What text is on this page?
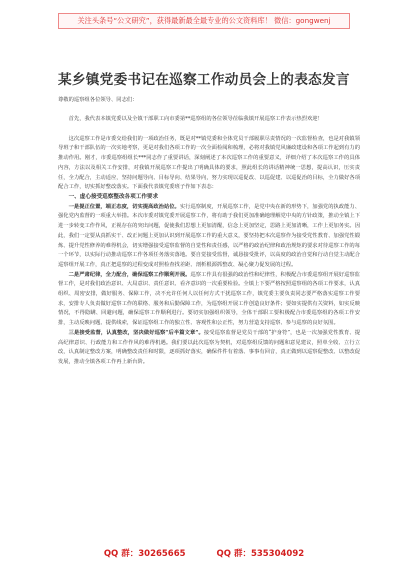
关注头条号“公文研究”，获得最新最全最专业的公文资料库！ 微信：gongwenj
某乡镇党委书记在巡察工作动员会上的表态发言

尊敬的巡察组各位领导、同志们：

首先，我代表本镇党委以及全镇干部职工向市委第**巡察组的各位领导莅临我镇开展巡察工作表示热烈欢迎！

这次巡察工作是市委交给我们的一项政治任务，既是对**镇党委和全体党员干部履职尽责情况的一次监督检查，也是对我镇领导班子和干部队伍的一次实地考察，更是对我们各项工作的一次全面检阅和梳理，必将对我镇党风廉政建设和各项工作起到有力的推动作用。刚才，市委巡察组组长***同志作了重要讲话，深刻阐述了本次巡察工作的重要意义，详细介绍了本次巡察工作的具体内容，方法以及相关工作安排，对我镇开展巡察工作提出了明确具体的要求，照此组长的讲话精神统一思想，提高认识，压实责任，全力配合，主动适应，坚持问题导向、目标导向、结果导向，努力实现以巡促改、以巡促建、以巡促治的目标，全力做好各项配合工作，切实抓好整改落实。下面我代表镇党委班子作如下表态：

一、虚心接受巡察整改各项工作要求

一是提正位置，端正态度，切实提高政治站位。实行巡察制度，开展巡察工作，是党中央在新的形势下，加强党的执政能力、强化党内监督的一项重大举措。本次市委对镇党委开展巡察工作，将有助于我们更加准确地理解党中央的方针政策，推动全镇上下进一步转变工作作风，正视存在的突出问题，促使我们思想上更加清醒，信念上更加坚定，思路上更加清晰，工作上更加务实。因此，我们一定要从真抓实干、改正问题上更加认识到开展巡察工作的重大意义，要坚持把本次巡察作为接受党性教育、加强党性锻炼、提升党性修养的难得机会，切实增强接受巡察监督的自觉性和责任感，以严格的政治纪律和政治规矩的要求对待巡察工作的每一个环节，以实际行动推动巡察工作各项任务落实落地。要自觉接受监督，诚恳接受批评，以高度的政治自觉和行动自觉主动配合巡察组开展工作，真正把巡察的过程变成对照检查找差距、剖析根源抓整改、凝心聚力促发展的过程。

二是严肃纪律，全力配合，确保巡察工作顺利开展。巡察工作具有很强的政治性和纪律性，积极配合市委巡察组开展好巡察监督工作，是对我们政治意识、大局意识、责任意识、看齐意识的一次重要检验。全镇上下要严格按照巡察组的各项工作要求，认真组织、周密安排，做好服务、保障工作，决不允许任何人以任何方式干扰巡察工作，镇党委主要负责同志要严格落实巡察工作要求，安排专人负责做好巡察工作的联络、服务和后勤保障工作，为巡察组开展工作创造良好条件；要如实提供有关资料，如实反映情况，不得隐瞒、回避问题，确保巡察工作顺利进行。要切实加强组织领导，全体干部职工要积极配合市委巡察组的各项工作安排，主动反映问题、提供线索，保证巡察组工作的独立性、客观性和公正性，努力营造支持巡察、参与巡察的良好氛围。

三是接受监督，认真整改，坚决做好巡察“后半篇文章”。接受巡察监督是党员干部的“护身符”，也是一次加强党性教育、提高纪律意识、行政能力和工作作风的难得机遇。我们要以此次巡察为契机，对巡察组反馈的问题和意见建议，照单全收、立行立改，认真制定整改方案，明确整改责任和时限，逐项抓好落实，确保件件有着落、事事有回音，真正做到以巡察促整改、以整改促发展，推动全镇各项工作再上新台阶。

QQ 群：30265665	QQ 群：535304092
